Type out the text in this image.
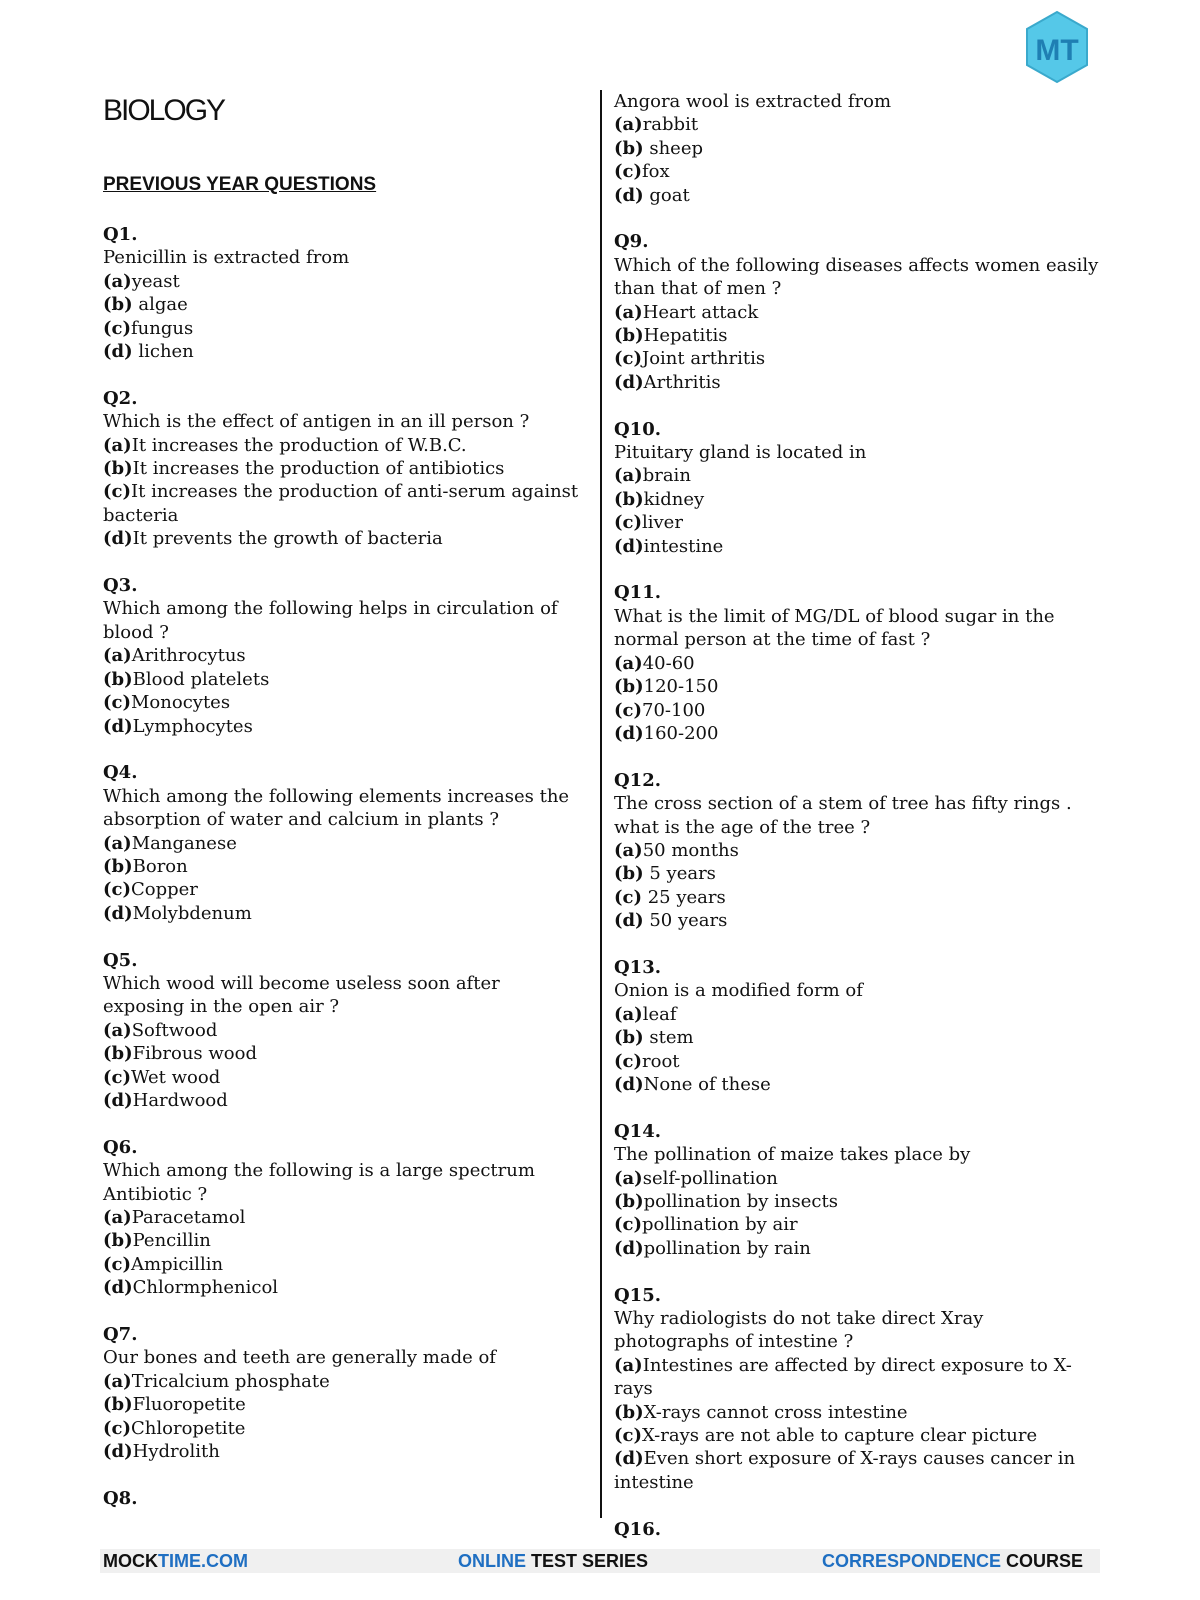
MT
BIOLOGY
PREVIOUS YEAR QUESTIONS
Q1.
Penicillin is extracted from
(a)yeast
(b) algae
(c)fungus
(d) lichen
Q2.
Which is the effect of antigen in an ill person ?
(a)It increases the production of W.B.C.
(b)It increases the production of antibiotics
(c)It increases the production of anti-serum against bacteria
(d)It prevents the growth of bacteria
Q3.
Which among the following helps in circulation of blood ?
(a)Arithrocytus
(b)Blood platelets
(c)Monocytes
(d)Lymphocytes
Q4.
Which among the following elements increases the absorption of water and calcium in plants ?
(a)Manganese
(b)Boron
(c)Copper
(d)Molybdenum
Q5.
Which wood will become useless soon after exposing in the open air ?
(a)Softwood
(b)Fibrous wood
(c)Wet wood
(d)Hardwood
Q6.
Which among the following is a large spectrum Antibiotic ?
(a)Paracetamol
(b)Pencillin
(c)Ampicillin
(d)Chlormphenicol
Q7.
Our bones and teeth are generally made of
(a)Tricalcium phosphate
(b)Fluoropetite
(c)Chloropetite
(d)Hydrolith
Q8.
Angora wool is extracted from
(a)rabbit
(b) sheep
(c)fox
(d) goat
Q9.
Which of the following diseases affects women easily than that of men ?
(a)Heart attack
(b)Hepatitis
(c)Joint arthritis
(d)Arthritis
Q10.
Pituitary gland is located in
(a)brain
(b)kidney
(c)liver
(d)intestine
Q11.
What is the limit of MG/DL of blood sugar in the normal person at the time of fast ?
(a)40-60
(b)120-150
(c)70-100
(d)160-200
Q12.
The cross section of a stem of tree has fifty rings . what is the age of the tree ?
(a)50 months
(b) 5 years
(c) 25 years
(d) 50 years
Q13.
Onion is a modified form of
(a)leaf
(b) stem
(c)root
(d)None of these
Q14.
The pollination of maize takes place by
(a)self-pollination
(b)pollination by insects
(c)pollination by air
(d)pollination by rain
Q15.
Why radiologists do not take direct Xray photographs of intestine ?
(a)Intestines are affected by direct exposure to X-rays
(b)X-rays cannot cross intestine
(c)X-rays are not able to capture clear picture
(d)Even short exposure of X-rays causes cancer in intestine
Q16.
MOCKTIME.COM	ONLINE TEST SERIES	CORRESPONDENCE COURSE
